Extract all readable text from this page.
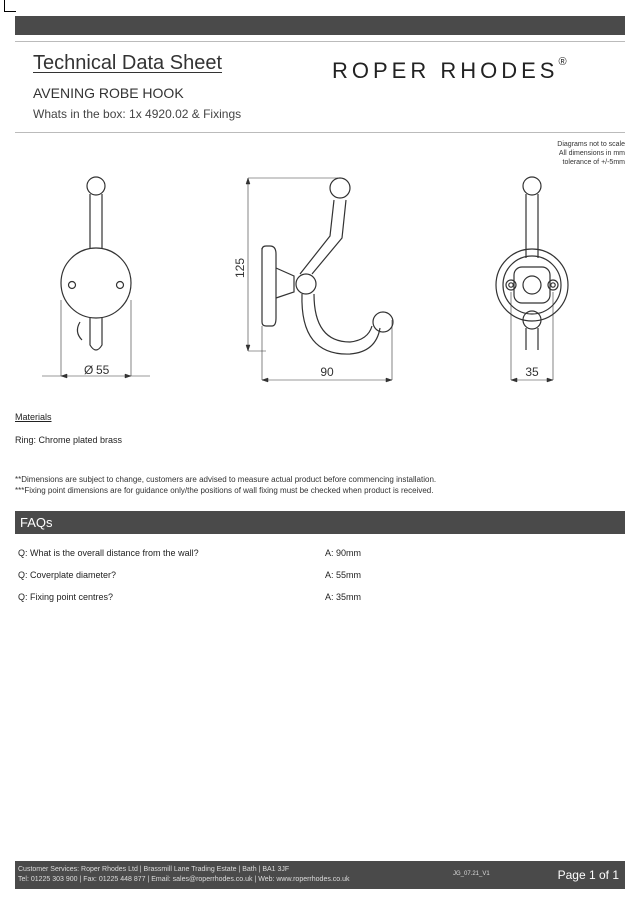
Technical Data Sheet	ROPER RHODES®
AVENING ROBE HOOK
Whats in the box: 1x 4920.02 & Fixings
Diagrams not to scale
All dimensions in mm
tolerance of +/-5mm
Ø 55
125
90	35
Materials
Ring: Chrome plated brass
**Dimensions are subject to change, customers are advised to measure actual product before commencing installation.
***Fixing point dimensions are for guidance only/the positions of wall fixing must be checked when product is received.
FAQs
Q: What is the overall distance from the wall?	A: 90mm
Q: Coverplate diameter?	A: 55mm
Q: Fixing point centres?	A: 35mm
Customer Services: Roper Rhodes Ltd | Brassmill Lane Trading Estate | Bath | BA1 3JF
Tel: 01225 303 900 | Fax: 01225 448 877 | Email: sales@roperrhodes.co.uk | Web: www.roperrhodes.co.uk
JG_07.21_V1	Page 1 of 1
